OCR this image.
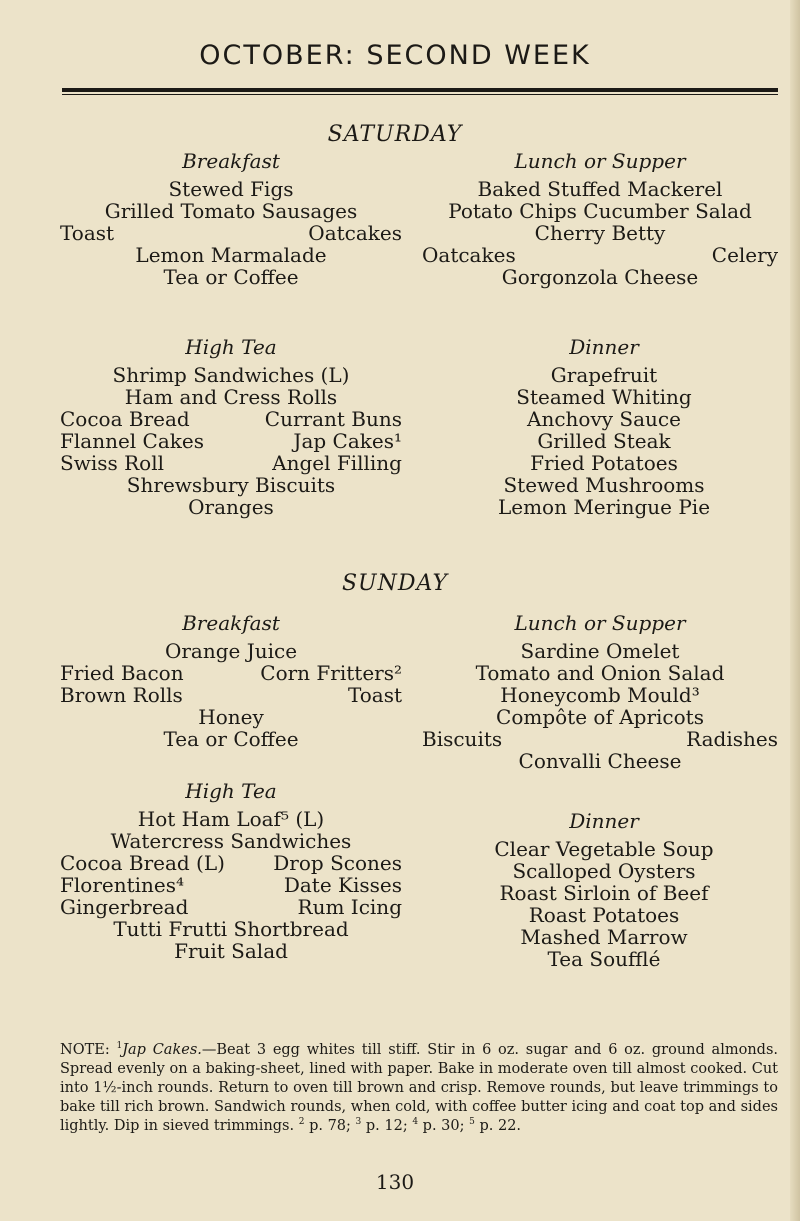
OCTOBER: SECOND WEEK
SATURDAY
Breakfast
Stewed Figs
Grilled Tomato Sausages
Toast	Oatcakes
Lemon Marmalade
Tea or Coffee
Lunch or Supper
Baked Stuffed Mackerel
Potato Chips Cucumber Salad
Cherry Betty
Oatcakes	Celery
Gorgonzola Cheese
High Tea
Shrimp Sandwiches (L)
Ham and Cress Rolls
Cocoa Bread	Currant Buns
Flannel Cakes	Jap Cakes¹
Swiss Roll	Angel Filling
Shrewsbury Biscuits
Oranges
Dinner
Grapefruit
Steamed Whiting
Anchovy Sauce
Grilled Steak
Fried Potatoes
Stewed Mushrooms
Lemon Meringue Pie
SUNDAY
Breakfast
Orange Juice
Fried Bacon	Corn Fritters²
Brown Rolls	Toast
Honey
Tea or Coffee
Lunch or Supper
Sardine Omelet
Tomato and Onion Salad
Honeycomb Mould³
Compôte of Apricots
Biscuits	Radishes
Convalli Cheese
High Tea
Hot Ham Loaf⁵ (L)
Watercress Sandwiches
Cocoa Bread (L) Drop Scones
Florentines⁴	Date Kisses
Gingerbread	Rum Icing
Tutti Frutti Shortbread
Fruit Salad
Dinner
Clear Vegetable Soup
Scalloped Oysters
Roast Sirloin of Beef
Roast Potatoes
Mashed Marrow
Tea Soufflé
NOTE: $^1$Jap Cakes.—Beat 3 egg whites till stiff. Stir in 6 oz. sugar and 6 oz. ground almonds. Spread evenly on a baking-sheet, lined with paper. Bake in moderate oven till almost cooked. Cut into 1½-inch rounds. Return to oven till brown and crisp. Remove rounds, but leave trimmings to bake till rich brown. Sandwich rounds, when cold, with coffee butter icing and coat top and sides lightly. Dip in sieved trimmings. $^2$ p. 78; $^3$ p. 12; $^4$ p. 30; $^5$ p. 22.
130
